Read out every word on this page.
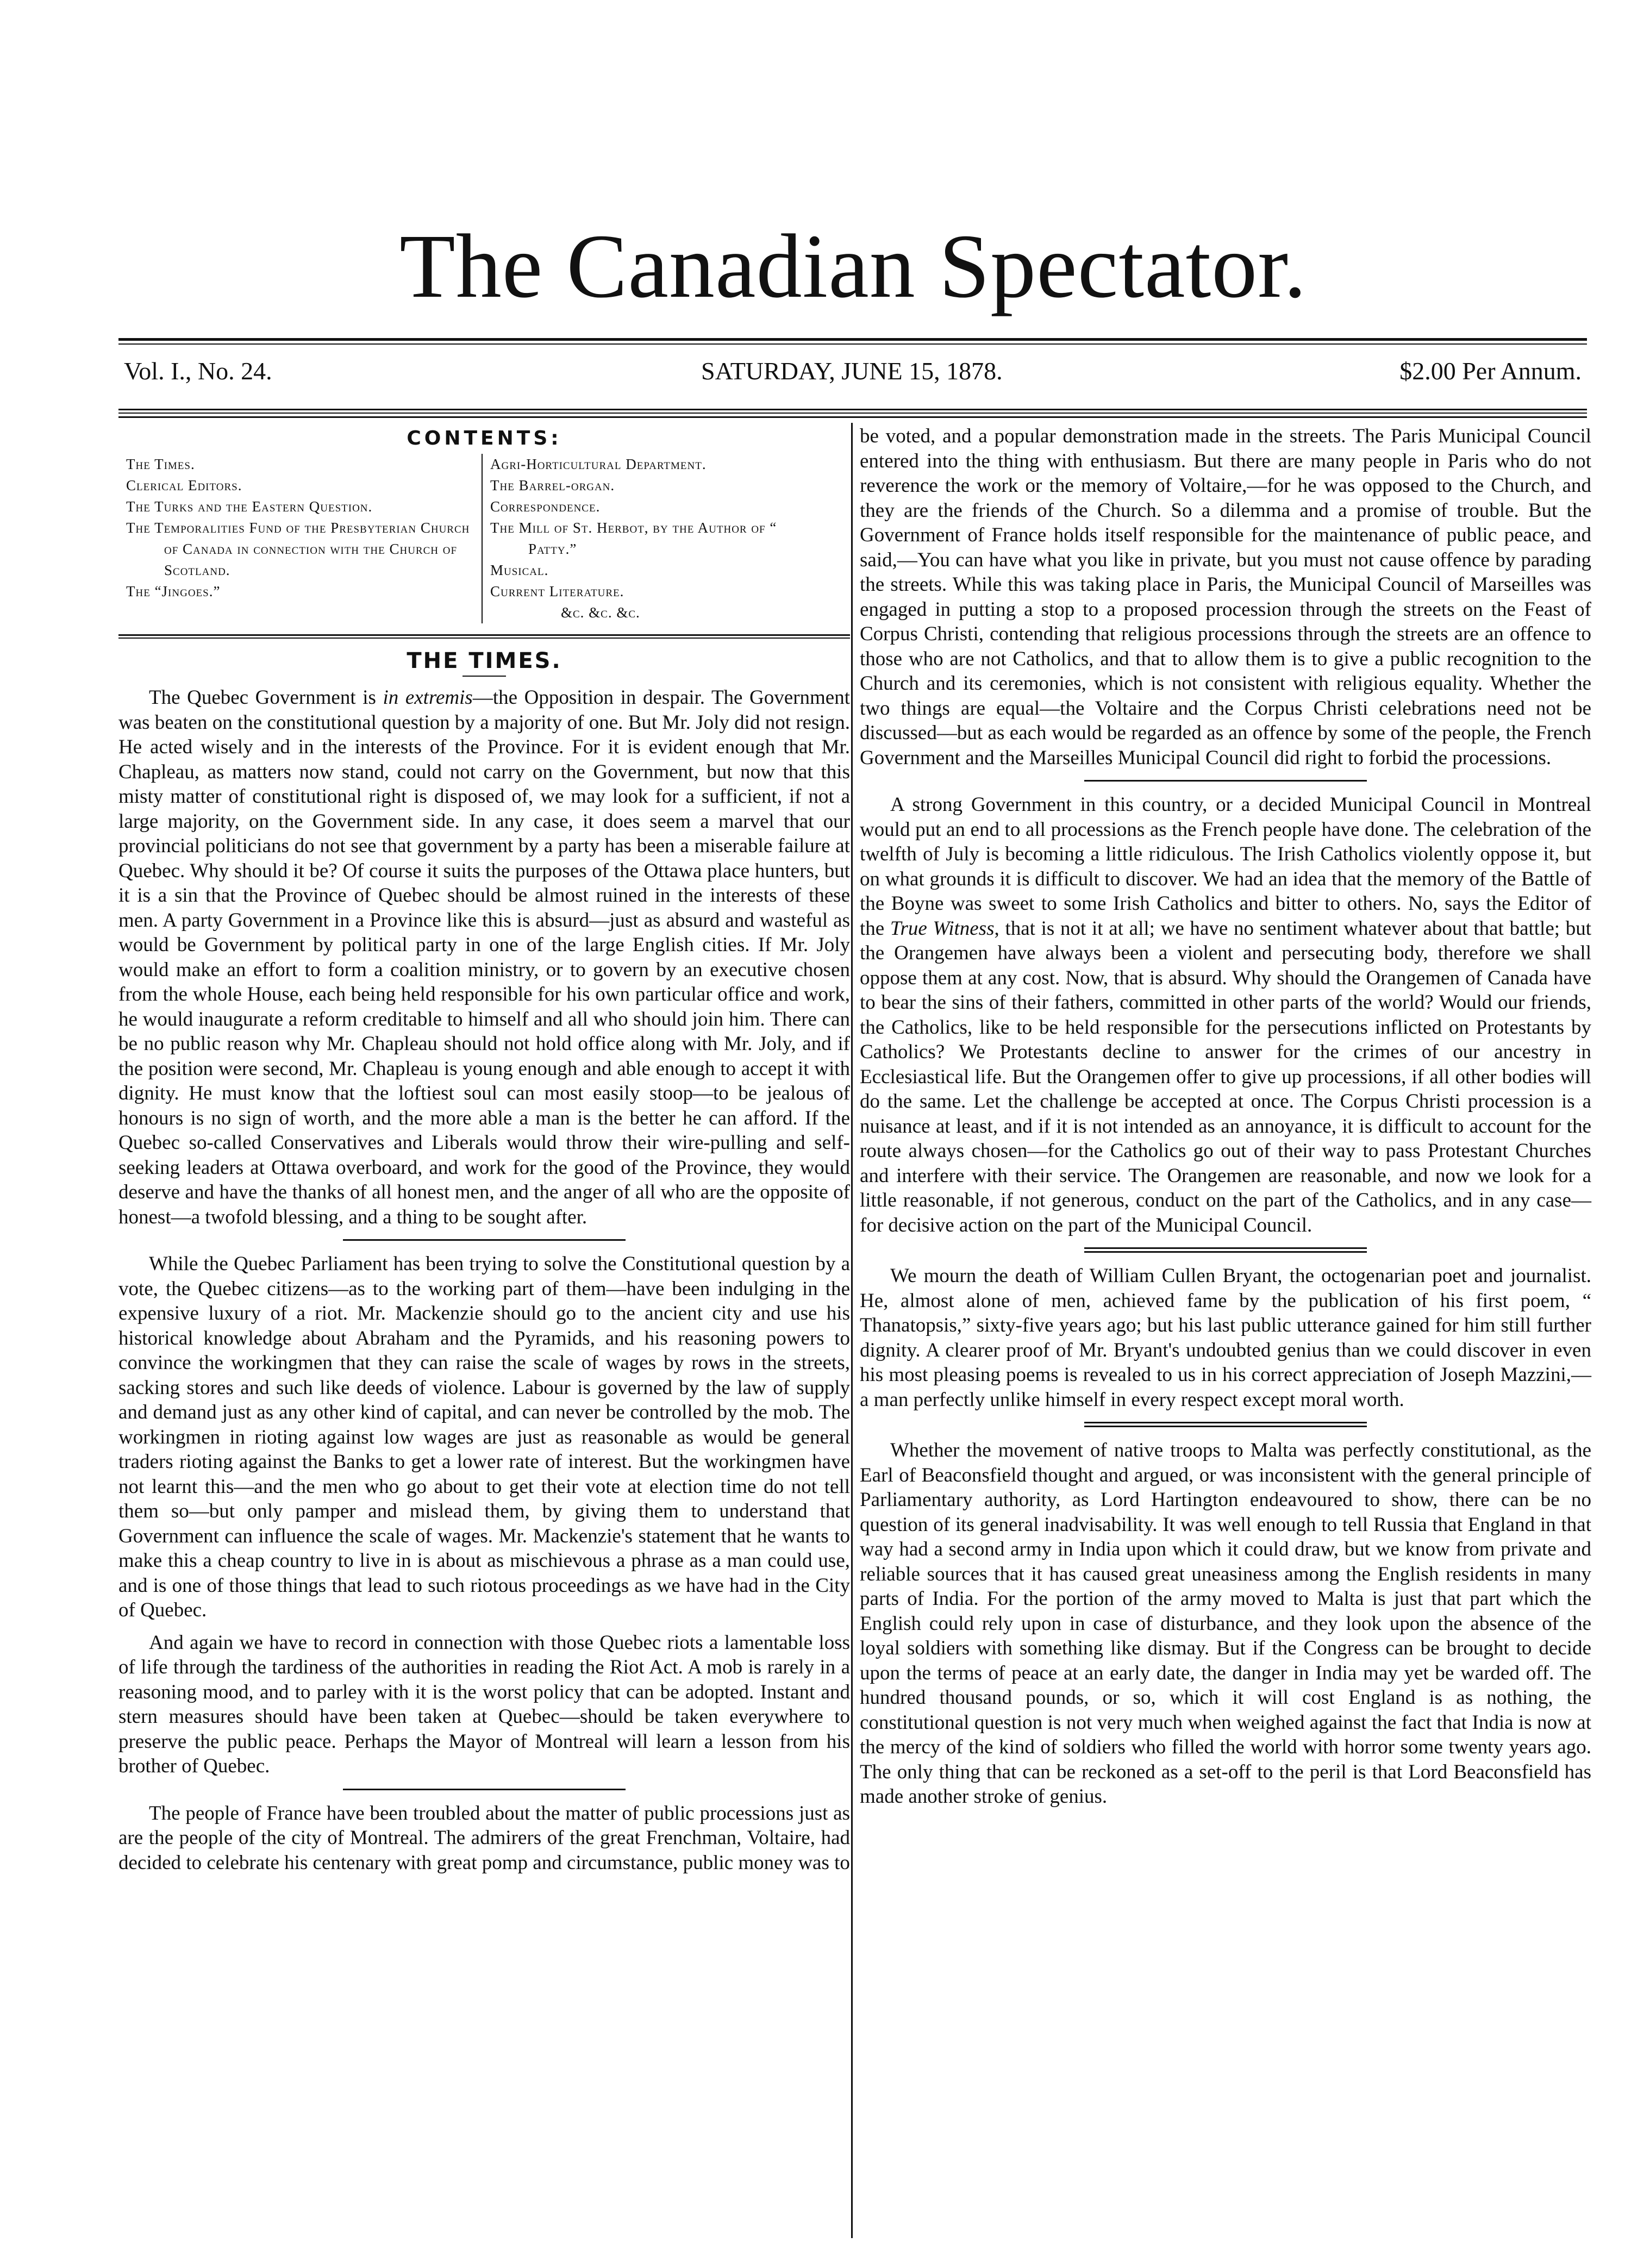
The Canadian Spectator.
Vol. I., No. 24.	SATURDAY, JUNE 15, 1878.	$2.00 Per Annum.
CONTENTS:
The Times.
Clerical Editors.
The Turks and the Eastern Question.
The Temporalities Fund of the Presbyterian Church of Canada in connection with the Church of Scotland.
The “Jingoes.”
Agri-Horticultural Department.
The Barrel-organ.
Correspondence.
The Mill of St. Herbot, by the Author of “ Patty.”
Musical.
Current Literature.
&c. &c. &c.
THE TIMES.

The Quebec Government is in extremis—the Opposition in despair. The Government was beaten on the constitutional question by a majority of one. But Mr. Joly did not resign. He acted wisely and in the interests of the Province. For it is evident enough that Mr. Chapleau, as matters now stand, could not carry on the Government, but now that this misty matter of constitutional right is disposed of, we may look for a sufficient, if not a large majority, on the Government side. In any case, it does seem a marvel that our provincial politicians do not see that government by a party has been a miserable failure at Quebec. Why should it be? Of course it suits the purposes of the Ottawa place hunters, but it is a sin that the Province of Quebec should be almost ruined in the interests of these men. A party Government in a Province like this is absurd—just as absurd and wasteful as would be Government by political party in one of the large English cities. If Mr. Joly would make an effort to form a coalition ministry, or to govern by an executive chosen from the whole House, each being held responsible for his own particular office and work, he would inaugurate a reform creditable to himself and all who should join him. There can be no public reason why Mr. Chapleau should not hold office along with Mr. Joly, and if the position were second, Mr. Chapleau is young enough and able enough to accept it with dignity. He must know that the loftiest soul can most easily stoop—to be jealous of honours is no sign of worth, and the more able a man is the better he can afford. If the Quebec so-called Conservatives and Liberals would throw their wire-pulling and self-seeking leaders at Ottawa overboard, and work for the good of the Province, they would deserve and have the thanks of all honest men, and the anger of all who are the opposite of honest—a twofold blessing, and a thing to be sought after.

While the Quebec Parliament has been trying to solve the Constitutional question by a vote, the Quebec citizens—as to the working part of them—have been indulging in the expensive luxury of a riot. Mr. Mackenzie should go to the ancient city and use his historical knowledge about Abraham and the Pyramids, and his reasoning powers to convince the workingmen that they can raise the scale of wages by rows in the streets, sacking stores and such like deeds of violence. Labour is governed by the law of supply and demand just as any other kind of capital, and can never be controlled by the mob. The workingmen in rioting against low wages are just as reasonable as would be general traders rioting against the Banks to get a lower rate of interest. But the workingmen have not learnt this—and the men who go about to get their vote at election time do not tell them so—but only pamper and mislead them, by giving them to understand that Government can influence the scale of wages. Mr. Mackenzie's statement that he wants to make this a cheap country to live in is about as mischievous a phrase as a man could use, and is one of those things that lead to such riotous proceedings as we have had in the City of Quebec.

And again we have to record in connection with those Quebec riots a lamentable loss of life through the tardiness of the authorities in reading the Riot Act. A mob is rarely in a reasoning mood, and to parley with it is the worst policy that can be adopted. Instant and stern measures should have been taken at Quebec—should be taken everywhere to preserve the public peace. Perhaps the Mayor of Montreal will learn a lesson from his brother of Quebec.

The people of France have been troubled about the matter of public processions just as are the people of the city of Montreal. The admirers of the great Frenchman, Voltaire, had decided to celebrate his centenary with great pomp and circumstance, public money was to

be voted, and a popular demonstration made in the streets. The Paris Municipal Council entered into the thing with enthusiasm. But there are many people in Paris who do not reverence the work or the memory of Voltaire,—for he was opposed to the Church, and they are the friends of the Church. So a dilemma and a promise of trouble. But the Government of France holds itself responsible for the maintenance of public peace, and said,—You can have what you like in private, but you must not cause offence by parading the streets. While this was taking place in Paris, the Municipal Council of Marseilles was engaged in putting a stop to a proposed procession through the streets on the Feast of Corpus Christi, contending that religious processions through the streets are an offence to those who are not Catholics, and that to allow them is to give a public recognition to the Church and its ceremonies, which is not consistent with religious equality. Whether the two things are equal—the Voltaire and the Corpus Christi celebrations need not be discussed—but as each would be regarded as an offence by some of the people, the French Government and the Marseilles Municipal Council did right to forbid the processions.

A strong Government in this country, or a decided Municipal Council in Montreal would put an end to all processions as the French people have done. The celebration of the twelfth of July is becoming a little ridiculous. The Irish Catholics violently oppose it, but on what grounds it is difficult to discover. We had an idea that the memory of the Battle of the Boyne was sweet to some Irish Catholics and bitter to others. No, says the Editor of the True Witness, that is not it at all; we have no sentiment whatever about that battle; but the Orangemen have always been a violent and persecuting body, therefore we shall oppose them at any cost. Now, that is absurd. Why should the Orangemen of Canada have to bear the sins of their fathers, committed in other parts of the world? Would our friends, the Catholics, like to be held responsible for the persecutions inflicted on Protestants by Catholics? We Protestants decline to answer for the crimes of our ancestry in Ecclesiastical life. But the Orangemen offer to give up processions, if all other bodies will do the same. Let the challenge be accepted at once. The Corpus Christi procession is a nuisance at least, and if it is not intended as an annoyance, it is difficult to account for the route always chosen—for the Catholics go out of their way to pass Protestant Churches and interfere with their service. The Orangemen are reasonable, and now we look for a little reasonable, if not generous, conduct on the part of the Catholics, and in any case—for decisive action on the part of the Municipal Council.

We mourn the death of William Cullen Bryant, the octogenarian poet and journalist. He, almost alone of men, achieved fame by the publication of his first poem, “ Thanatopsis,” sixty-five years ago; but his last public utterance gained for him still further dignity. A clearer proof of Mr. Bryant's undoubted genius than we could discover in even his most pleasing poems is revealed to us in his correct appreciation of Joseph Mazzini,—a man perfectly unlike himself in every respect except moral worth.

Whether the movement of native troops to Malta was perfectly constitutional, as the Earl of Beaconsfield thought and argued, or was inconsistent with the general principle of Parliamentary authority, as Lord Hartington endeavoured to show, there can be no question of its general inadvisability. It was well enough to tell Russia that England in that way had a second army in India upon which it could draw, but we know from private and reliable sources that it has caused great uneasiness among the English residents in many parts of India. For the portion of the army moved to Malta is just that part which the English could rely upon in case of disturbance, and they look upon the absence of the loyal soldiers with something like dismay. But if the Congress can be brought to decide upon the terms of peace at an early date, the danger in India may yet be warded off. The hundred thousand pounds, or so, which it will cost England is as nothing, the constitutional question is not very much when weighed against the fact that India is now at the mercy of the kind of soldiers who filled the world with horror some twenty years ago. The only thing that can be reckoned as a set-off to the peril is that Lord Beaconsfield has made another stroke of genius.
